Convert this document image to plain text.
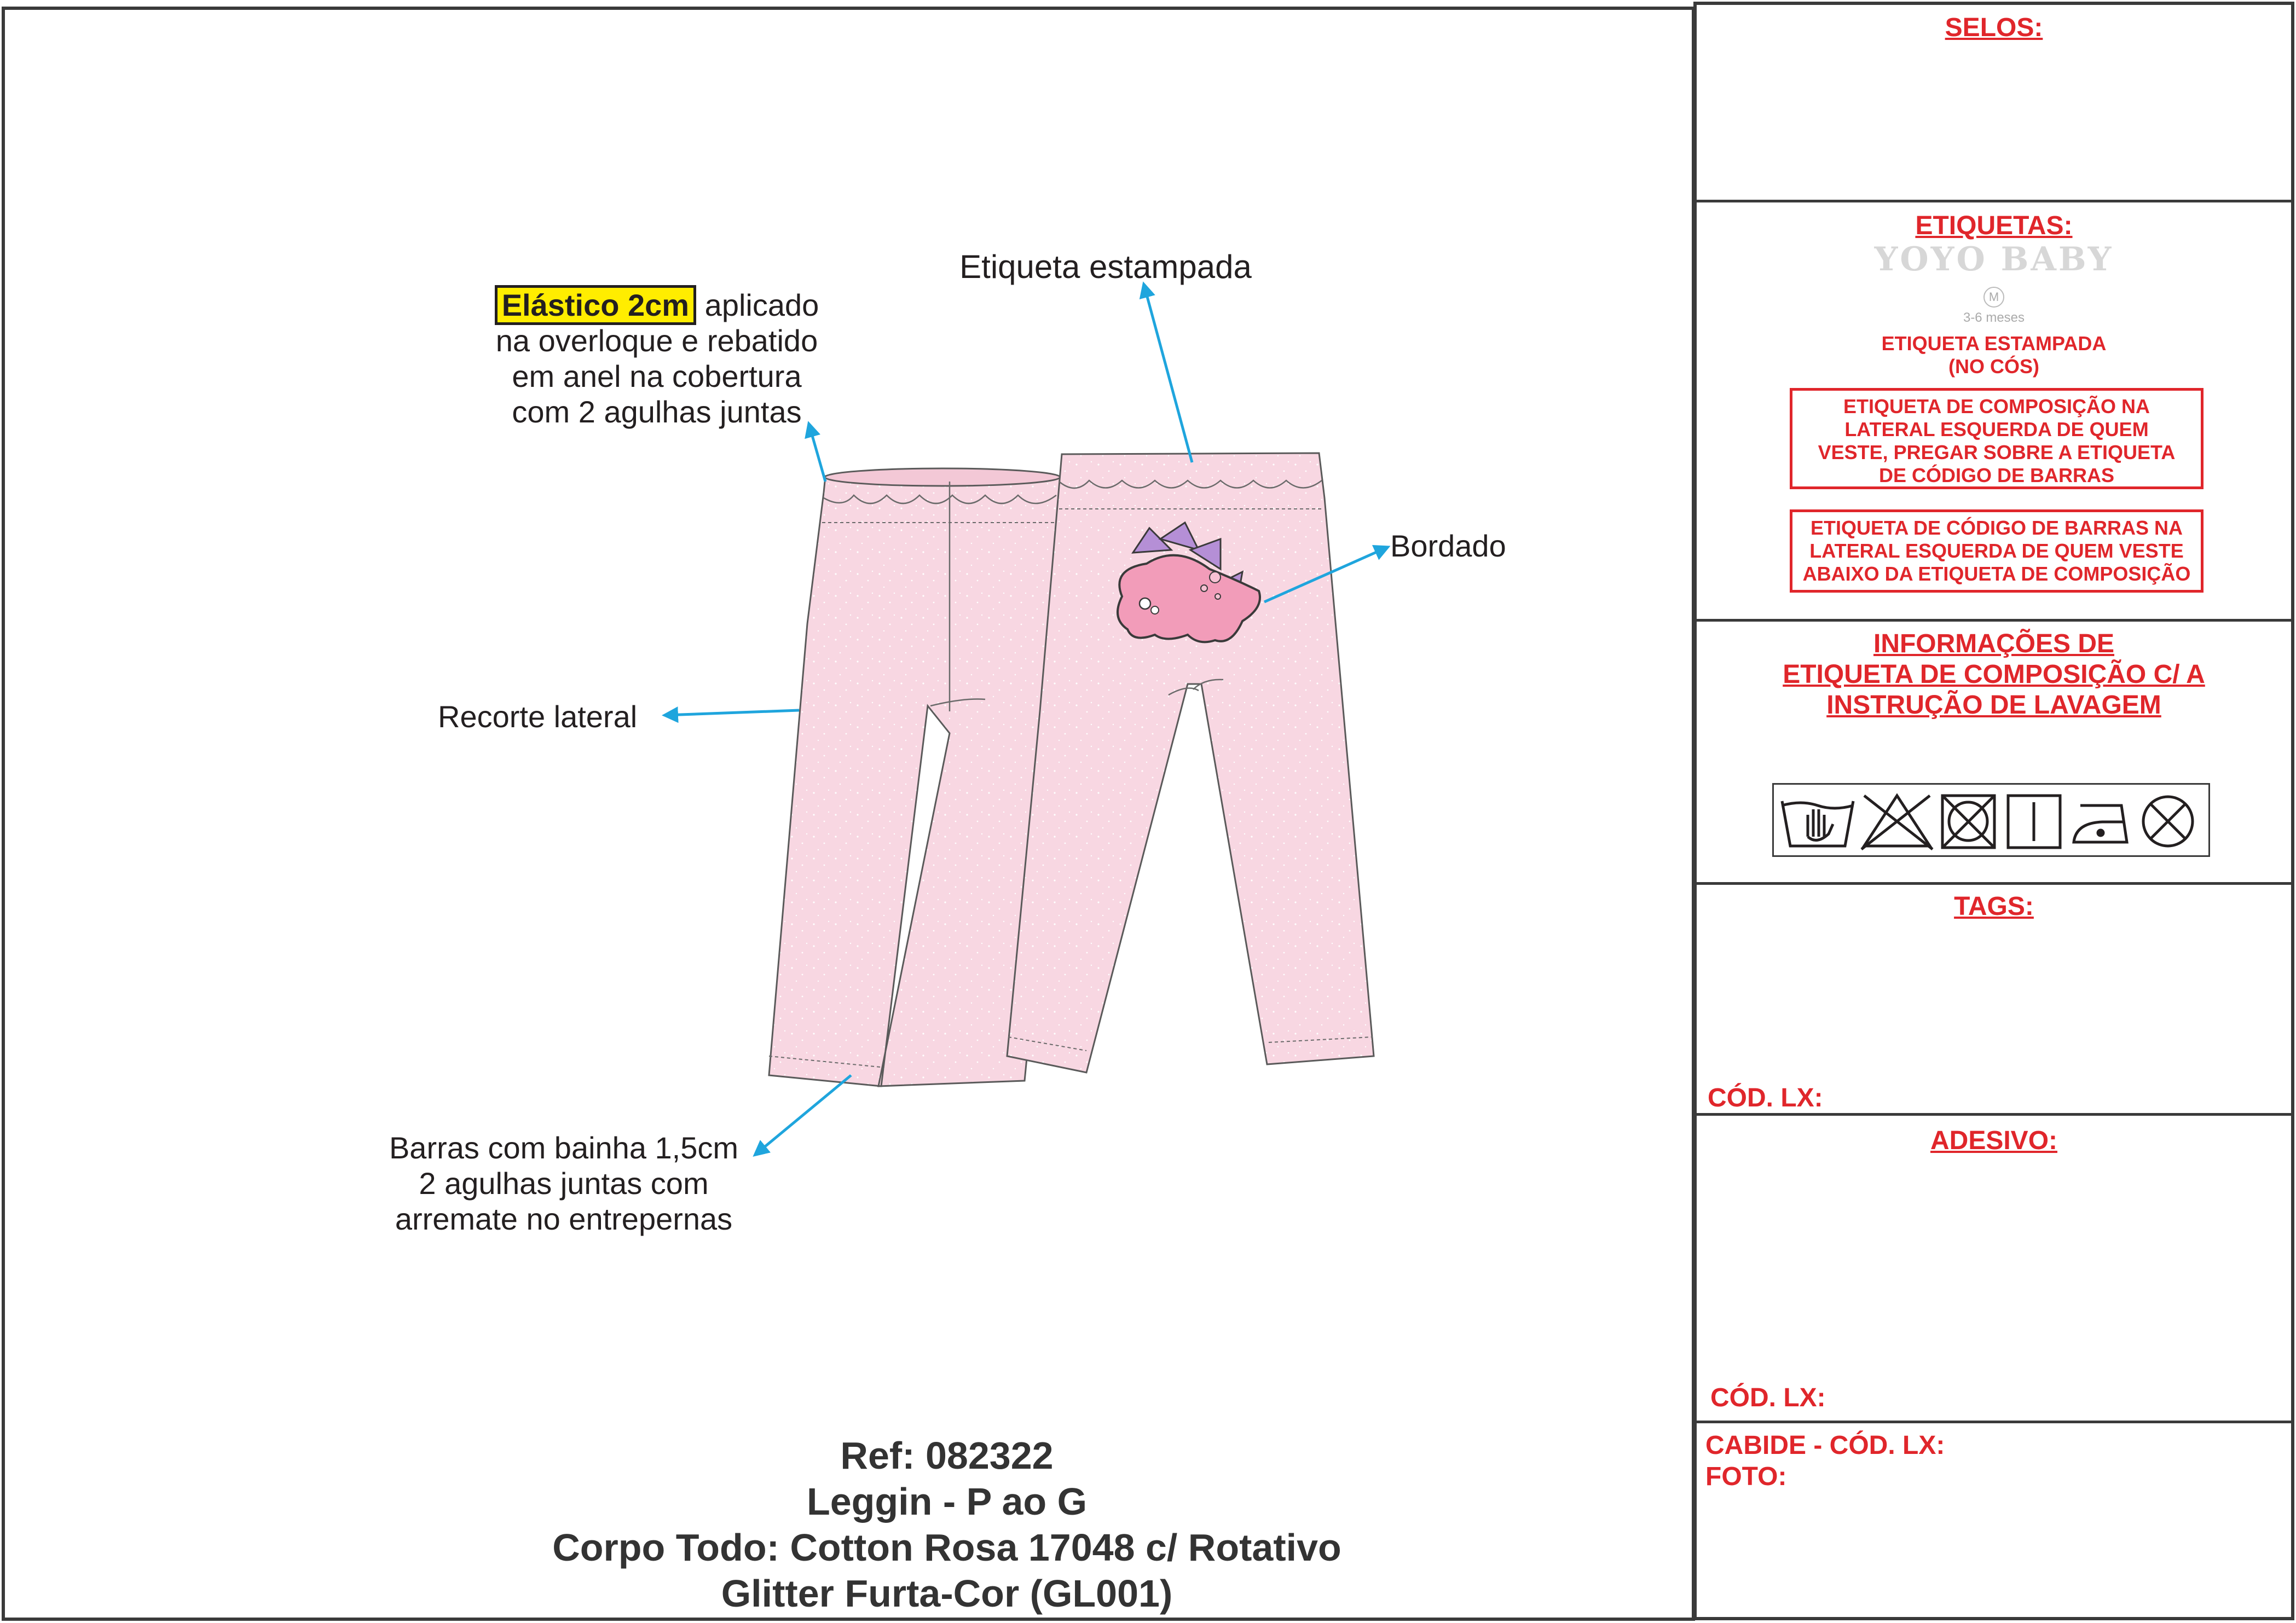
Elástico 2cm aplicado
na overloque e rebatido
em anel na cobertura
com 2 agulhas juntas
Etiqueta estampada
Bordado
Recorte lateral
Barras com bainha 1,5cm
2 agulhas juntas com
arremate no entrepernas
Ref: 082322
Leggin - P ao G
Corpo Todo: Cotton Rosa 17048 c/ Rotativo
Glitter Furta-Cor (GL001)
SELOS:
ETIQUETAS:
YOYO BABY
M
3-6 meses
ETIQUETA ESTAMPADA
(NO CÓS)
ETIQUETA DE COMPOSIÇÃO NA
LATERAL ESQUERDA DE QUEM
VESTE, PREGAR SOBRE A ETIQUETA
DE CÓDIGO DE BARRAS
ETIQUETA DE CÓDIGO DE BARRAS NA
LATERAL ESQUERDA DE QUEM VESTE
ABAIXO DA ETIQUETA DE COMPOSIÇÃO
INFORMAÇÕES DE
ETIQUETA DE COMPOSIÇÃO C/ A
INSTRUÇÃO DE LAVAGEM
TAGS:
CÓD. LX:
ADESIVO:
CÓD. LX:
CABIDE - CÓD. LX:
FOTO:
